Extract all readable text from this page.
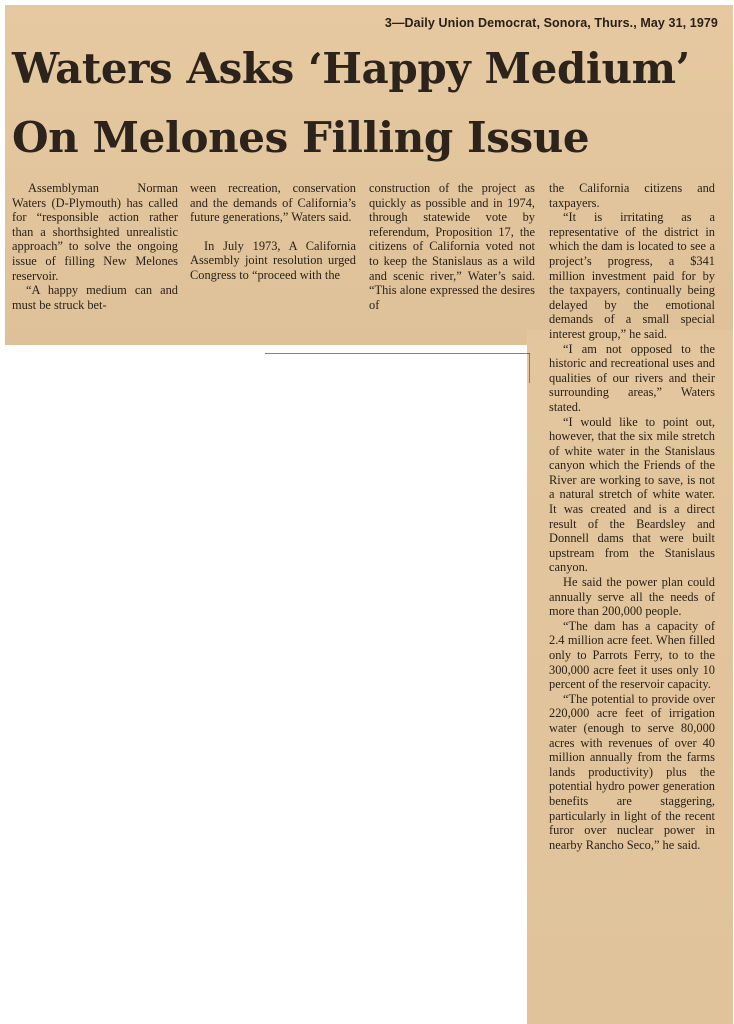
3—Daily Union Democrat, Sonora, Thurs., May 31, 1979
Waters Asks ‘Happy Medium’
On Melones Filling Issue

Assemblyman Norman Waters (D-Plymouth) has called for “responsible action rather than a shorthsighted unrealistic approach” to solve the ongoing issue of filling New Melones reservoir.

“A happy medium can and must be struck bet-

ween recreation, conservation and the demands of California’s future generations,” Waters said.

In July 1973, A California Assembly joint resolution urged Congress to “proceed with the

construction of the project as quickly as possible and in 1974, through statewide vote by referendum, Proposition 17, the citizens of California voted not to keep the Stanislaus as a wild and scenic river,” Water’s said. “This alone expressed the desires of

the California citizens and taxpayers.

“It is irritating as a representative of the district in which the dam is located to see a project’s progress, a $341 million investment paid for by the taxpayers, continually being delayed by the emotional demands of a small special interest group,” he said.

“I am not opposed to the historic and recreational uses and qualities of our rivers and their surrounding areas,” Waters stated.

“I would like to point out, however, that the six mile stretch of white water in the Stanislaus canyon which the Friends of the River are working to save, is not a natural stretch of white water. It was created and is a direct result of the Beardsley and Donnell dams that were built upstream from the Stanislaus canyon.

He said the power plan could annually serve all the needs of more than 200,000 people.

“The dam has a capacity of 2.4 million acre feet. When filled only to Parrots Ferry, to to the 300,000 acre feet it uses only 10 percent of the reservoir capacity.

“The potential to provide over 220,000 acre feet of irrigation water (enough to serve 80,000 acres with revenues of over 40 million annually from the farms lands productivity) plus the potential hydro power generation benefits are staggering, particularly in light of the recent furor over nuclear power in nearby Rancho Seco,” he said.
